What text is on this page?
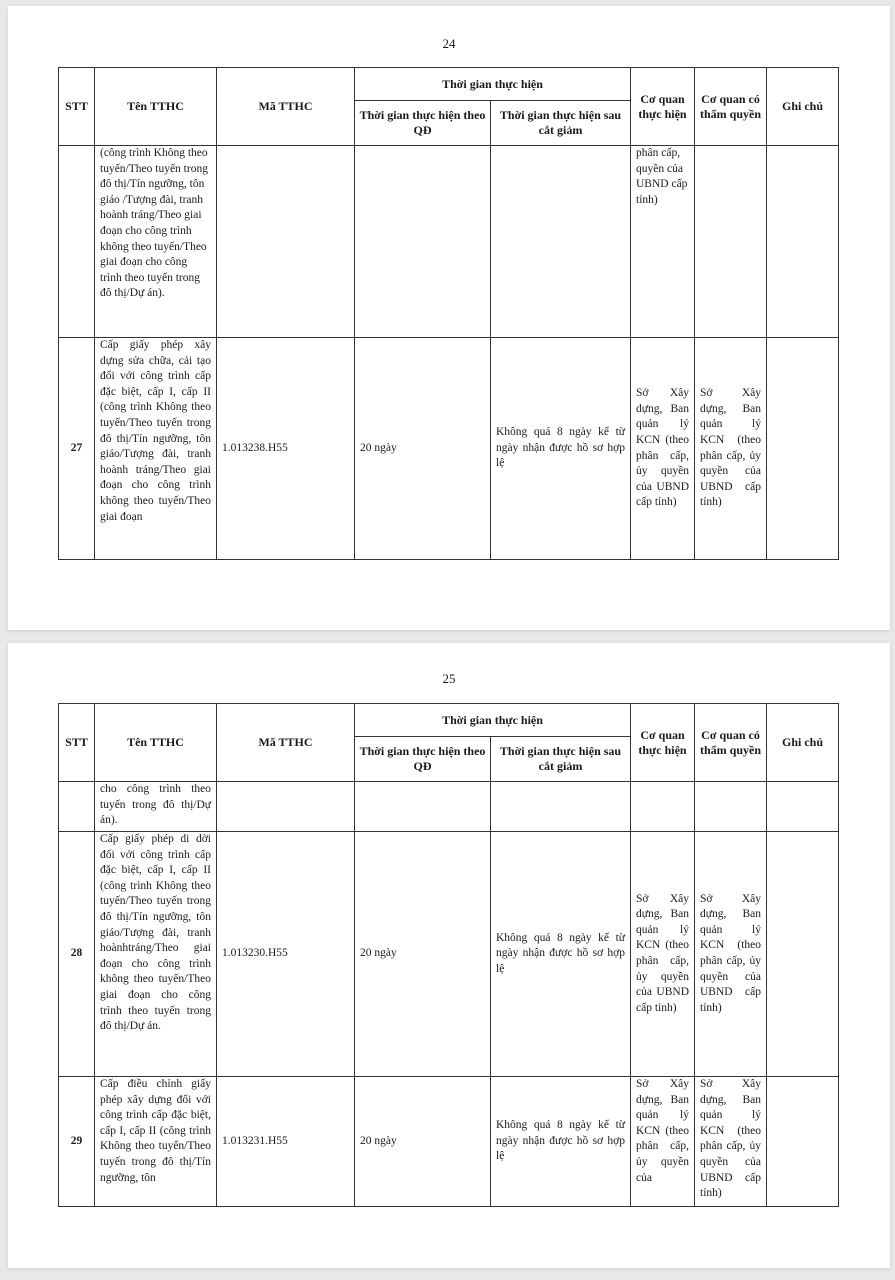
24
STT	Tên TTHC	Mã TTHC	Thời gian thực hiện		Cơ quan thực hiện	Cơ quan có thẩm quyền	Ghi chú
			Thời gian thực hiện theo QĐ	Thời gian thực hiện sau cắt giảm			
	(công trình Không theo tuyến/Theo tuyến trong đô thị/Tín ngưỡng, tôn giáo /Tượng đài, tranh hoành tráng/Theo giai đoạn cho công trình không theo tuyến/Theo giai đoạn cho công trình theo tuyến trong đô thị/Dự án).				phân cấp, quyền của UBND cấp tỉnh)		
27	Cấp giấy phép xây dựng sửa chữa, cải tạo đối với công trình cấp đặc biệt, cấp I, cấp II (công trình Không theo tuyến/Theo tuyến trong đô thị/Tín ngưỡng, tôn giáo/Tượng đài, tranh hoành tráng/Theo giai đoạn cho công trình không theo tuyến/Theo giai đoạn	1.013238.H55	20 ngày	Không quá 8 ngày kể từ ngày nhận được hồ sơ hợp lệ	Sở Xây dựng, Ban quản lý KCN (theo phân cấp, ủy quyền của UBND cấp tỉnh)	Sở Xây dựng, Ban quản lý KCN (theo phân cấp, ủy quyền của UBND cấp tỉnh)	
25
STT	Tên TTHC	Mã TTHC	Thời gian thực hiện		Cơ quan thực hiện	Cơ quan có thẩm quyền	Ghi chú
			Thời gian thực hiện theo QĐ	Thời gian thực hiện sau cắt giảm			
	cho công trình theo tuyến trong đô thị/Dự án).						
28	Cấp giấy phép di dời đối với công trình cấp đặc biệt, cấp I, cấp II (công trình Không theo tuyến/Theo tuyến trong đô thị/Tín ngưỡng, tôn giáo/Tượng đài, tranh hoànhtráng/Theo giai đoạn cho công trình không theo tuyến/Theo giai đoạn cho công trình theo tuyến trong đô thị/Dự án.	1.013230.H55	20 ngày	Không quá 8 ngày kể từ ngày nhận được hồ sơ hợp lệ	Sở Xây dựng, Ban quản lý KCN (theo phân cấp, ủy quyền của UBND cấp tỉnh)	Sở Xây dựng, Ban quản lý KCN (theo phân cấp, ủy quyền của UBND cấp tỉnh)	
29	Cấp điều chỉnh giấy phép xây dựng đối với công trình cấp đặc biệt, cấp I, cấp II (công trình Không theo tuyến/Theo tuyến trong đô thị/Tín ngưỡng, tôn	1.013231.H55	20 ngày	Không quá 8 ngày kể từ ngày nhận được hồ sơ hợp lệ	Sở Xây dựng, Ban quản lý KCN (theo phân cấp, ủy quyền của	Sở Xây dựng, Ban quản lý KCN (theo phân cấp, ủy quyền của UBND cấp tỉnh)	
